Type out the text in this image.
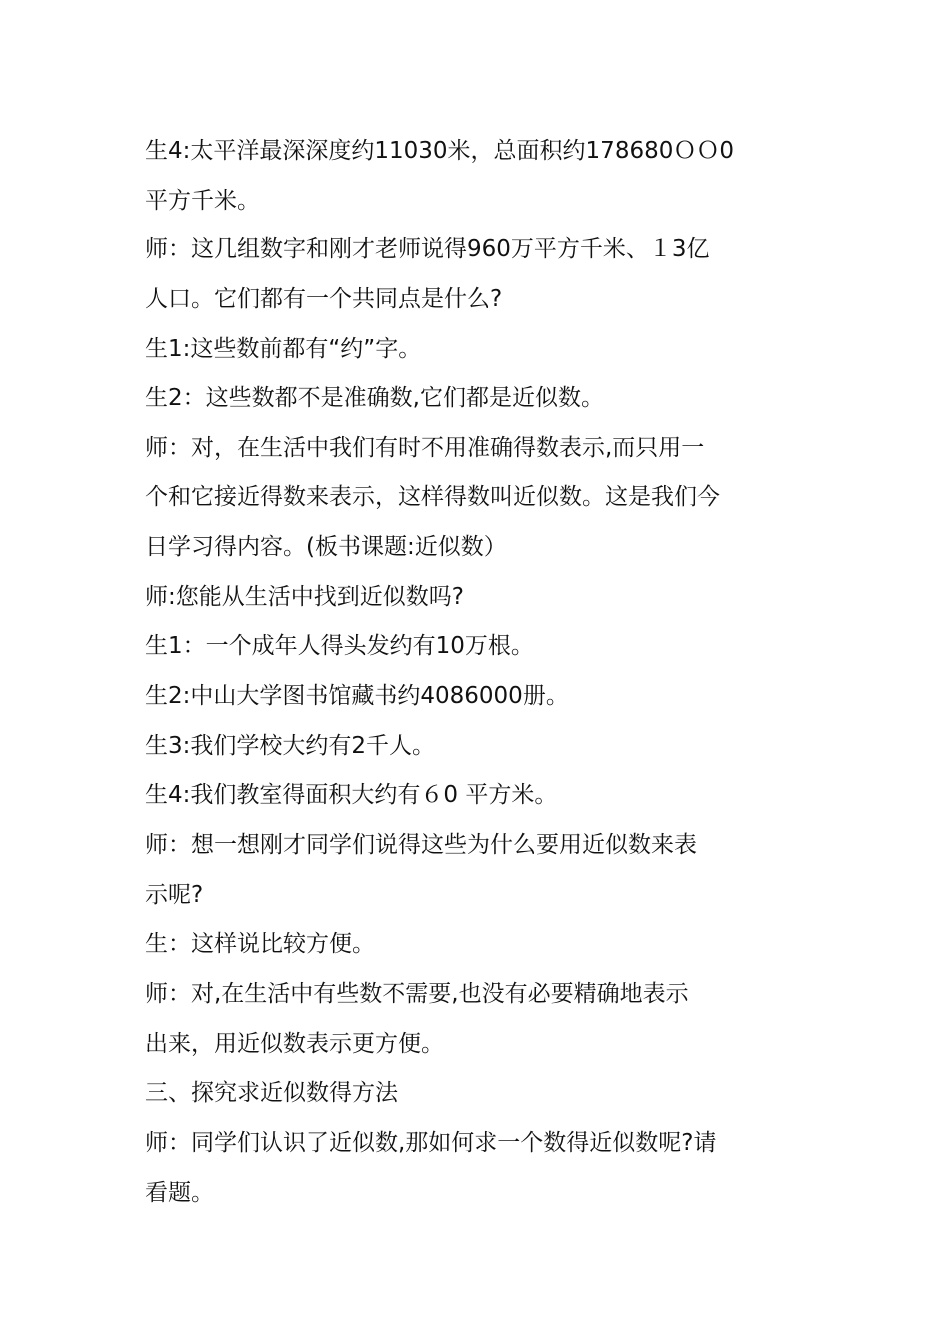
生4:太平洋最深深度约11030米，总面积约178680ＯＯ0
平方千米。
师：这几组数字和刚才老师说得960万平方千米、１3亿
人口。它们都有一个共同点是什么?
生1:这些数前都有“约”字。
生2：这些数都不是准确数,它们都是近似数。
师：对，在生活中我们有时不用准确得数表示,而只用一
个和它接近得数来表示，这样得数叫近似数。这是我们今
日学习得内容。(板书课题:近似数）
师:您能从生活中找到近似数吗?
生1：一个成年人得头发约有10万根。
生2:中山大学图书馆藏书约4086000册。
生3:我们学校大约有2千人。
生4:我们教室得面积大约有６0 平方米。
师：想一想刚才同学们说得这些为什么要用近似数来表
示呢?
生：这样说比较方便。
师：对,在生活中有些数不需要,也没有必要精确地表示
出来，用近似数表示更方便。
三、探究求近似数得方法
师：同学们认识了近似数,那如何求一个数得近似数呢?请
看题。
